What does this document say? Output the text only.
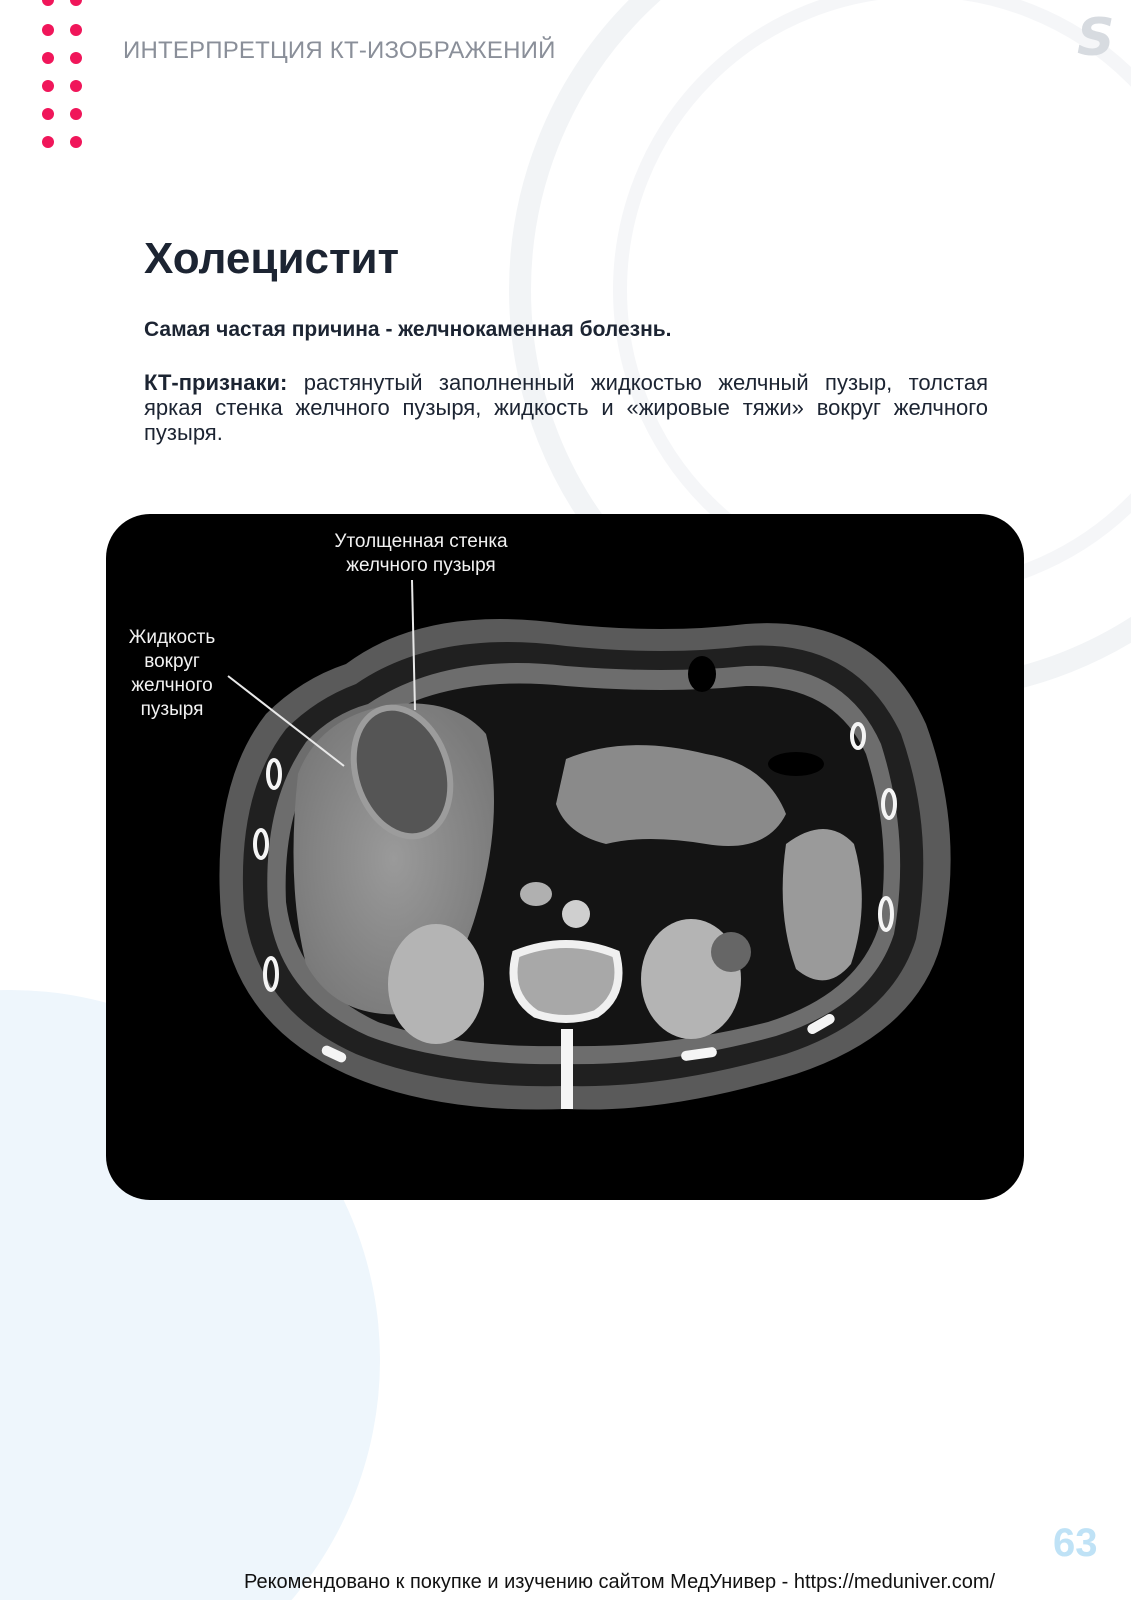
ИНТЕРПРЕТЦИЯ КТ-ИЗОБРАЖЕНИЙ	S
Холецистит
Самая частая причина - желчнокаменная болезнь.
КТ-признаки: растянутый заполненный жидкостью желчный пузыр, толстая яркая стенка желчного пузыря, жидкость и «жировые тяжи» вокруг желчного пузыря.
Утолщенная стенка
желчного пузыря
Жидкость
вокруг
желчного
пузыря
63
Рекомендовано к покупке и изучению сайтом МедУнивер - https://meduniver.com/
